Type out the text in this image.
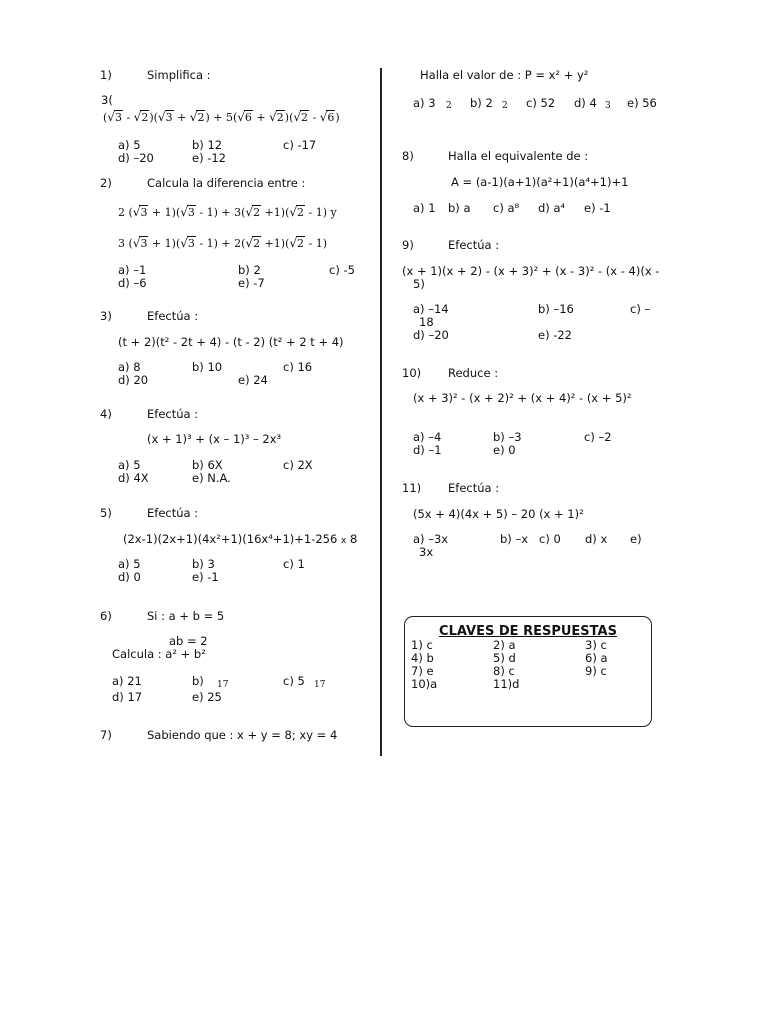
1)	Simplifica :
3(
(√3 - √2)(√3 + √2) + 5(√6 + √2)(√2 - √6)
a) 5	b) 12	c) -17
d) –20	e) -12
2)	Calcula la diferencia entre :
2 (√3 + 1)(√3 - 1) + 3(√2 +1)(√2 - 1) y
3 (√3 + 1)(√3 - 1) + 2(√2 +1)(√2 - 1)
a) –1	b) 2	c) -5
d) –6	e) -7
3)	Efectúa :
(t + 2)(t² - 2t + 4) - (t - 2) (t² + 2 t + 4)
a) 8	b) 10	c) 16
d) 20	e) 24
4)	Efectúa :
(x + 1)³ + (x – 1)³ – 2x³
a) 5	b) 6X	c) 2X
d) 4X	e) N.A.
5)	Efectúa :
(2x-1)(2x+1)(4x²+1)(16x⁴+1)+1-256 x 8
a) 5	b) 3	c) 1
d) 0	e) -1
6)	Si : a + b = 5
ab = 2
Calcula : a² + b²
a) 21	b) 17	c) 5 17
d) 17	e) 25
7)	Sabiendo que : x + y = 8; xy = 4
Halla el valor de : P = x² + y²
a) 3 2 b) 2 2 c) 52 d) 4 3 e) 56
8)	Halla el equivalente de :
A = (a-1)(a+1)(a²+1)(a⁴+1)+1
a) 1 b) a c) a⁸ d) a⁴ e) -1
9)	Efectúa :
(x + 1)(x + 2) - (x + 3)² + (x - 3)² - (x - 4)(x -
5)
a) –14	b) –16	c) –
18
d) –20	e) -22
10) Reduce :
(x + 3)² - (x + 2)² + (x + 4)² - (x + 5)²
a) –4	b) –3	c) –2
d) –1	e) 0
11) Efectúa :
(5x + 4)(4x + 5) – 20 (x + 1)²
a) –3x	b) –x c) 0 d) x e)
3x
CLAVES DE RESPUESTAS
1) c	2) a	3) c
4) b	5) d	6) a
7) e	8) c	9) c
10)a	11)d
